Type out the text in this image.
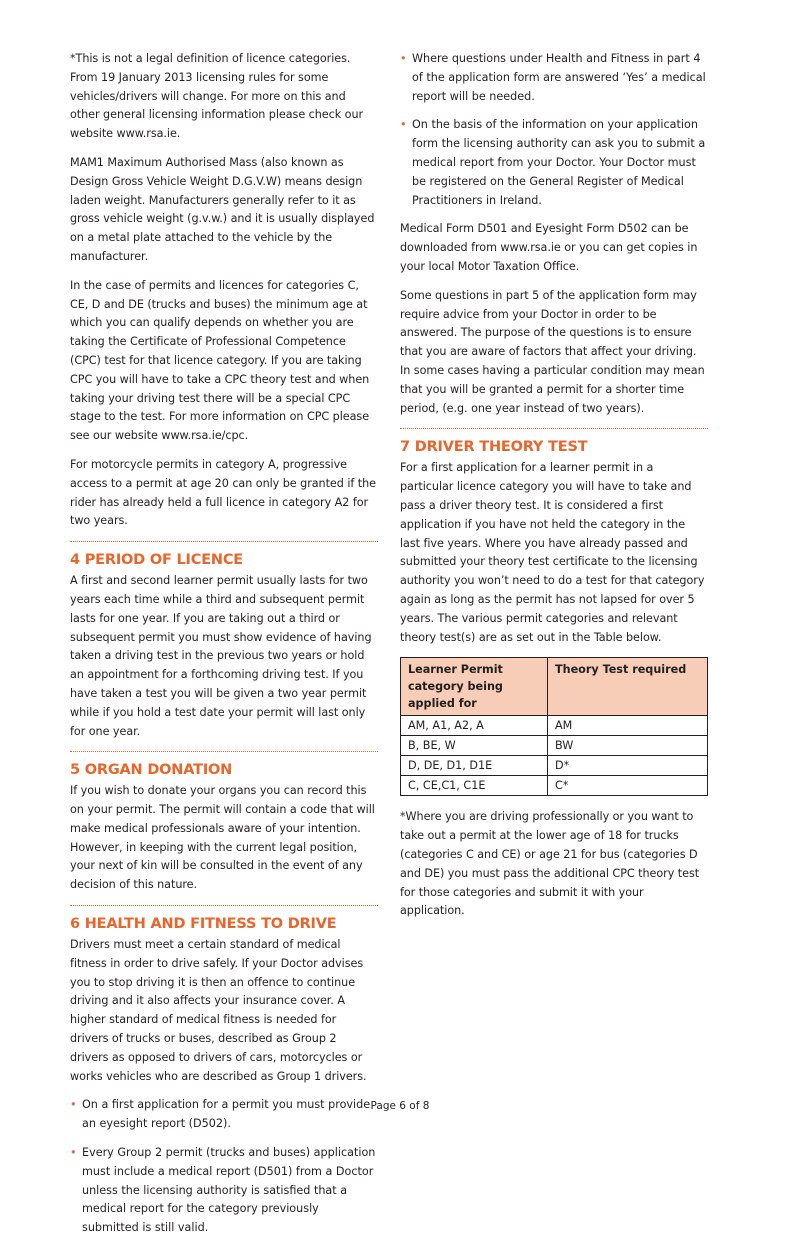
*This is not a legal definition of licence categories. From 19 January 2013 licensing rules for some vehicles/drivers will change. For more on this and other general licensing information please check our website www.rsa.ie.

MAM1 Maximum Authorised Mass (also known as Design Gross Vehicle Weight D.G.V.W) means design laden weight. Manufacturers generally refer to it as gross vehicle weight (g.v.w.) and it is usually displayed on a metal plate attached to the vehicle by the manufacturer.

In the case of permits and licences for categories C, CE, D and DE (trucks and buses) the minimum age at which you can qualify depends on whether you are taking the Certificate of Professional Competence (CPC) test for that licence category. If you are taking CPC you will have to take a CPC theory test and when taking your driving test there will be a special CPC stage to the test. For more information on CPC please see our website www.rsa.ie/cpc.

For motorcycle permits in category A, progressive access to a permit at age 20 can only be granted if the rider has already held a full licence in category A2 for two years.

4 PERIOD OF LICENCE

A first and second learner permit usually lasts for two years each time while a third and subsequent permit lasts for one year. If you are taking out a third or subsequent permit you must show evidence of having taken a driving test in the previous two years or hold an appointment for a forthcoming driving test. If you have taken a test you will be given a two year permit while if you hold a test date your permit will last only for one year.

5 ORGAN DONATION

If you wish to donate your organs you can record this on your permit. The permit will contain a code that will make medical professionals aware of your intention. However, in keeping with the current legal position, your next of kin will be consulted in the event of any decision of this nature.

6 HEALTH AND FITNESS TO DRIVE

Drivers must meet a certain standard of medical fitness in order to drive safely. If your Doctor advises you to stop driving it is then an offence to continue driving and it also affects your insurance cover. A higher standard of medical fitness is needed for drivers of trucks or buses, described as Group 2 drivers as opposed to drivers of cars, motorcycles or works vehicles who are described as Group 1 drivers.

• On a first application for a permit you must provide an eyesight report (D502).
• Every Group 2 permit (trucks and buses) application must include a medical report (D501) from a Doctor unless the licensing authority is satisfied that a medical report for the category previously submitted is still valid.
• Where questions under Health and Fitness in part 4 of the application form are answered ‘Yes’ a medical report will be needed.
• On the basis of the information on your application form the licensing authority can ask you to submit a medical report from your Doctor. Your Doctor must be registered on the General Register of Medical Practitioners in Ireland.

Medical Form D501 and Eyesight Form D502 can be downloaded from www.rsa.ie or you can get copies in your local Motor Taxation Office.

Some questions in part 5 of the application form may require advice from your Doctor in order to be answered. The purpose of the questions is to ensure that you are aware of factors that affect your driving. In some cases having a particular condition may mean that you will be granted a permit for a shorter time period, (e.g. one year instead of two years).

7 DRIVER THEORY TEST

For a first application for a learner permit in a particular licence category you will have to take and pass a driver theory test. It is considered a first application if you have not held the category in the last five years. Where you have already passed and submitted your theory test certificate to the licensing authority you won’t need to do a test for that category again as long as the permit has not lapsed for over 5 years. The various permit categories and relevant theory test(s) are as set out in the Table below.

Learner Permit category being applied for	Theory Test required
AM, A1, A2, A	AM
B, BE, W	BW
D, DE, D1, D1E	D*
C, CE,C1, C1E	C*

*Where you are driving professionally or you want to take out a permit at the lower age of 18 for trucks (categories C and CE) or age 21 for bus (categories D and DE) you must pass the additional CPC theory test for those categories and submit it with your application.

Page 6 of 8
